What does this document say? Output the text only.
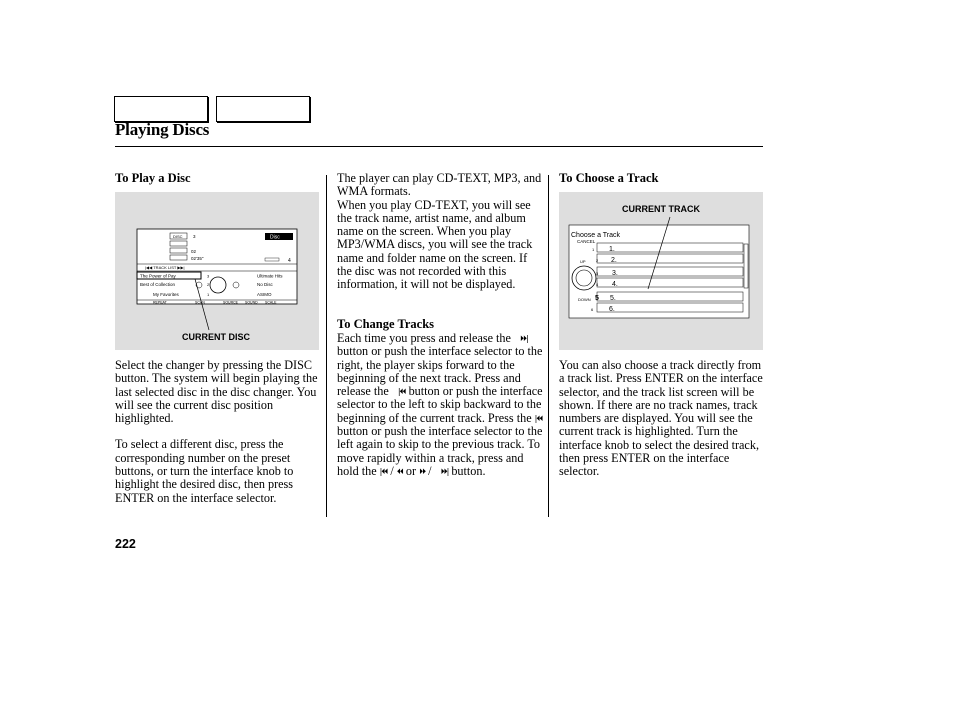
Playing Discs
To Play a Disc
DISC 3
02
02'35"
Disc
4
|◀◀ TRACK LIST ▶▶|
The Power of Pay
Best of Collection
My Favorites
3
2
1
Ultimate Hits
No Disc
ASIMO
REPEAT	SCAN	SOURCE SOUND SCALE
CURRENT DISC

Select the changer by pressing the DISC button. The system will begin playing the last selected disc in the disc changer. You will see the current disc position highlighted.

To select a different disc, press the corresponding number on the preset buttons, or turn the interface knob to highlight the desired disc, then press ENTER on the interface selector.

The player can play CD-TEXT, MP3, and WMA formats.

When you play CD-TEXT, you will see the track name, artist name, and album name on the screen. When you play MP3/WMA discs, you will see the track name and folder name on the screen. If the disc was not recorded with this information, it will not be displayed.

To Change Tracks
Each time you press and release the ⏵⏵| button or push the interface selector to the right, the player skips forward to the beginning of the next track. Press and release the |⏴⏴ button or push the interface selector to the left to skip backward to the beginning of the current track. Press the |⏴⏴ button or push the interface selector to the left again to skip to the previous track. To move rapidly within a track, press and hold the |⏴⏴ / ⏴⏴ or ⏵⏵ / ⏵⏵| button.
To Choose a Track
Choose a Track
CANCEL
1.
2.
3.
4.
5.
6.
1
2
3
4
5
6
UP
DOWN
CURRENT TRACK

You can also choose a track directly from a track list. Press ENTER on the interface selector, and the track list screen will be shown. If there are no track names, track numbers are displayed. You will see the current track is highlighted. Turn the interface knob to select the desired track, then press ENTER on the interface selector.

222
